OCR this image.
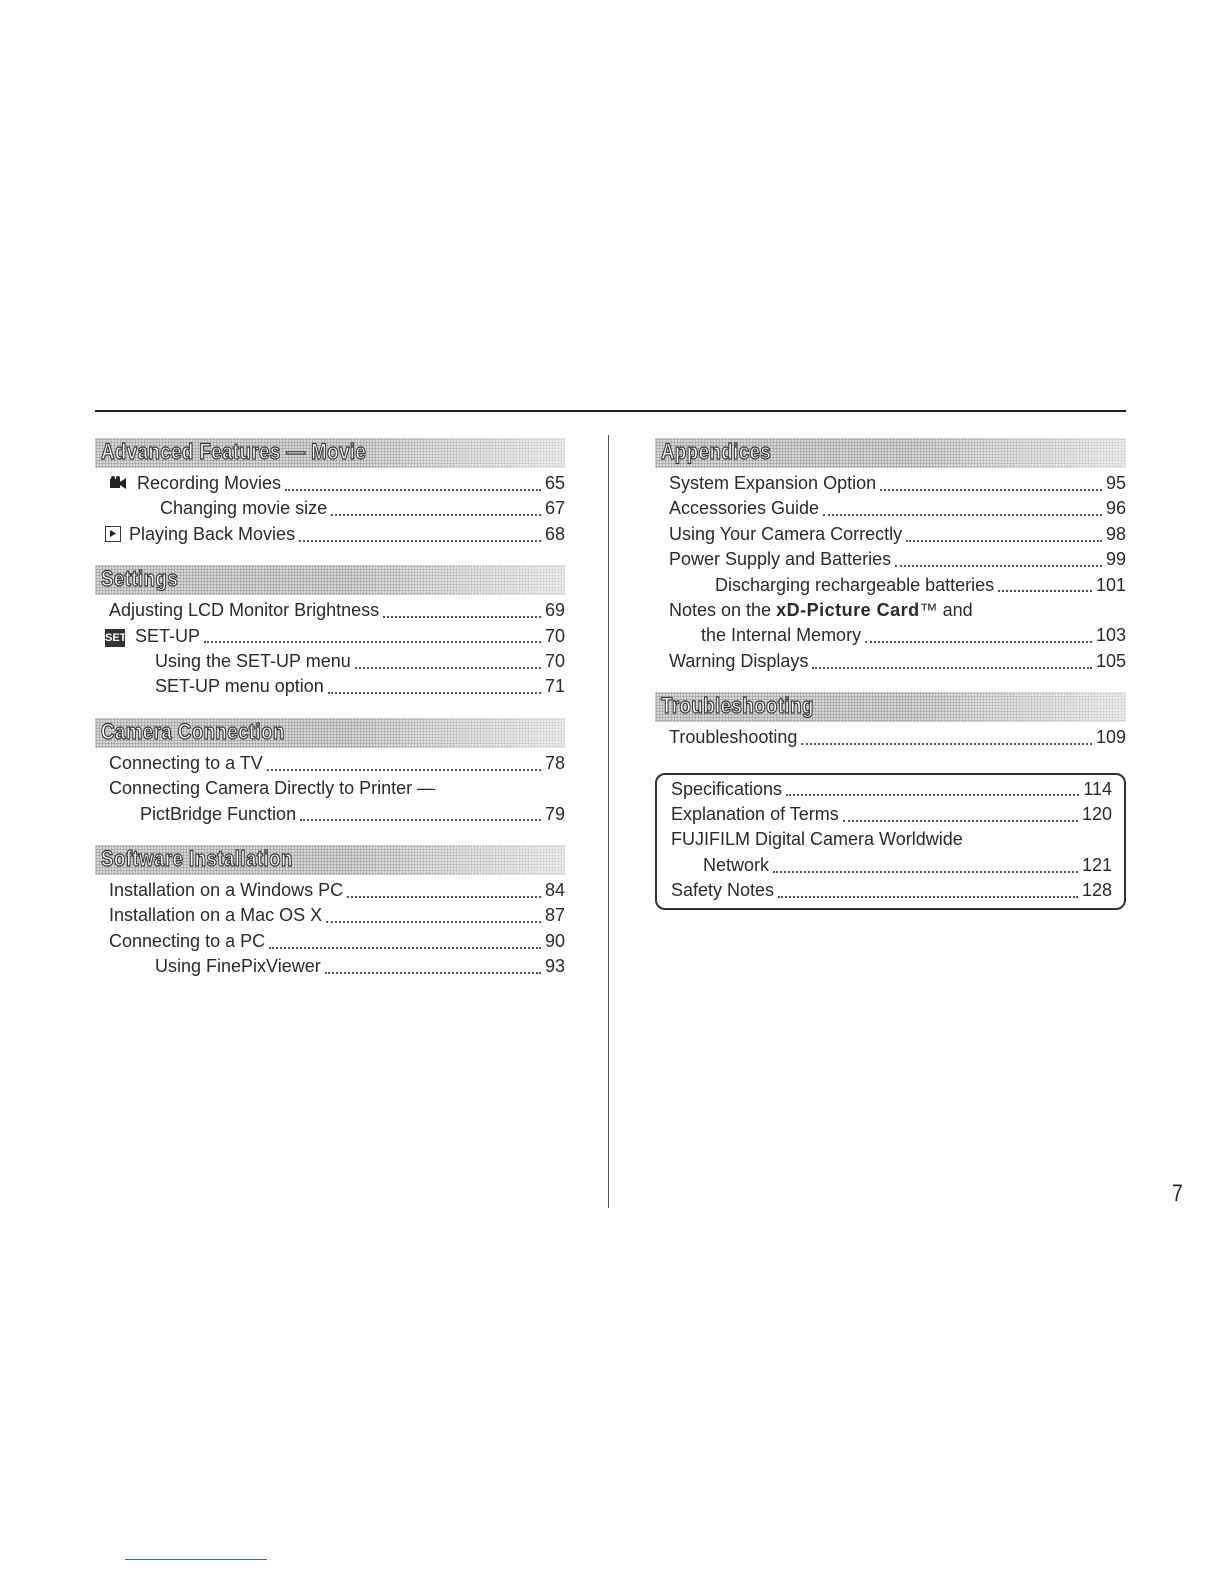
Advanced Features — Movie
Recording Movies	65
Changing movie size	67
Playing Back Movies	68
Settings
Adjusting LCD Monitor Brightness	69
SET SET-UP	70
Using the SET-UP menu	70
SET-UP menu option	71
Camera Connection
Connecting to a TV	78
Connecting Camera Directly to Printer —
PictBridge Function	79
Software Installation
Installation on a Windows PC	84
Installation on a Mac OS X	87
Connecting to a PC	90
Using FinePixViewer	93
Appendices
System Expansion Option	95
Accessories Guide	96
Using Your Camera Correctly	98
Power Supply and Batteries	99
Discharging rechargeable batteries	101
Notes on the xD-Picture Card™ and
the Internal Memory	103
Warning Displays	105
Troubleshooting
Troubleshooting	109
Specifications	114
Explanation of Terms	120
FUJIFILM Digital Camera Worldwide
Network	121
Safety Notes	128
7
